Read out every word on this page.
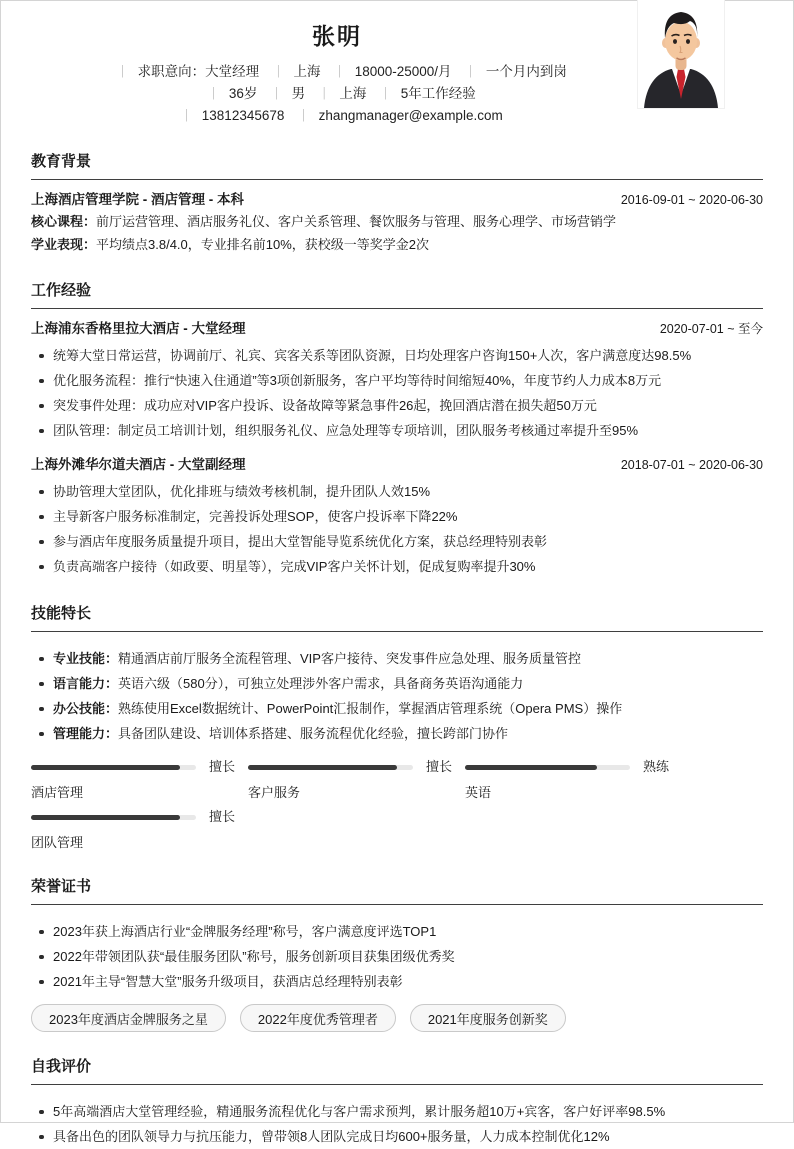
张明
｜ 求职意向：大堂经理 ｜ 上海 ｜ 18000-25000/月 ｜ 一个月内到岗
｜ 36岁 ｜ 男 ｜ 上海 ｜ 5年工作经验
｜ 13812345678 ｜ zhangmanager@example.com
教育背景
上海酒店管理学院 - 酒店管理 - 本科	2016-09-01 ~ 2020-06-30
核心课程：前厅运营管理、酒店服务礼仪、客户关系管理、餐饮服务与管理、服务心理学、市场营销学
学业表现：平均绩点3.8/4.0，专业排名前10%，获校级一等奖学金2次
工作经验
上海浦东香格里拉大酒店 - 大堂经理	2020-07-01 ~ 至今
统筹大堂日常运营，协调前厅、礼宾、宾客关系等团队资源，日均处理客户咨询150+人次，客户满意度达98.5%
优化服务流程：推行“快速入住通道”等3项创新服务，客户平均等待时间缩短40%，年度节约人力成本8万元
突发事件处理：成功应对VIP客户投诉、设备故障等紧急事件26起，挽回酒店潜在损失超50万元
团队管理：制定员工培训计划，组织服务礼仪、应急处理等专项培训，团队服务考核通过率提升至95%
上海外滩华尔道夫酒店 - 大堂副经理	2018-07-01 ~ 2020-06-30
协助管理大堂团队，优化排班与绩效考核机制，提升团队人效15%
主导新客户服务标准制定，完善投诉处理SOP，使客户投诉率下降22%
参与酒店年度服务质量提升项目，提出大堂智能导览系统优化方案，获总经理特别表彰
负责高端客户接待（如政要、明星等），完成VIP客户关怀计划，促成复购率提升30%
技能特长
专业技能：精通酒店前厅服务全流程管理、VIP客户接待、突发事件应急处理、服务质量管控
语言能力：英语六级（580分），可独立处理涉外客户需求，具备商务英语沟通能力
办公技能：熟练使用Excel数据统计、PowerPoint汇报制作，掌握酒店管理系统（Opera PMS）操作
管理能力：具备团队建设、培训体系搭建、服务流程优化经验，擅长跨部门协作
擅长
酒店管理
擅长
客户服务
熟练
英语
擅长
团队管理
荣誉证书
2023年获上海酒店行业“金牌服务经理”称号，客户满意度评选TOP1
2022年带领团队获“最佳服务团队”称号，服务创新项目获集团级优秀奖
2021年主导“智慧大堂”服务升级项目，获酒店总经理特别表彰
2023年度酒店金牌服务之星	2022年度优秀管理者	2021年度服务创新奖
自我评价
5年高端酒店大堂管理经验，精通服务流程优化与客户需求预判，累计服务超10万+宾客，客户好评率98.5%
具备出色的团队领导力与抗压能力，曾带领8人团队完成日均600+服务量，人力成本控制优化12%
